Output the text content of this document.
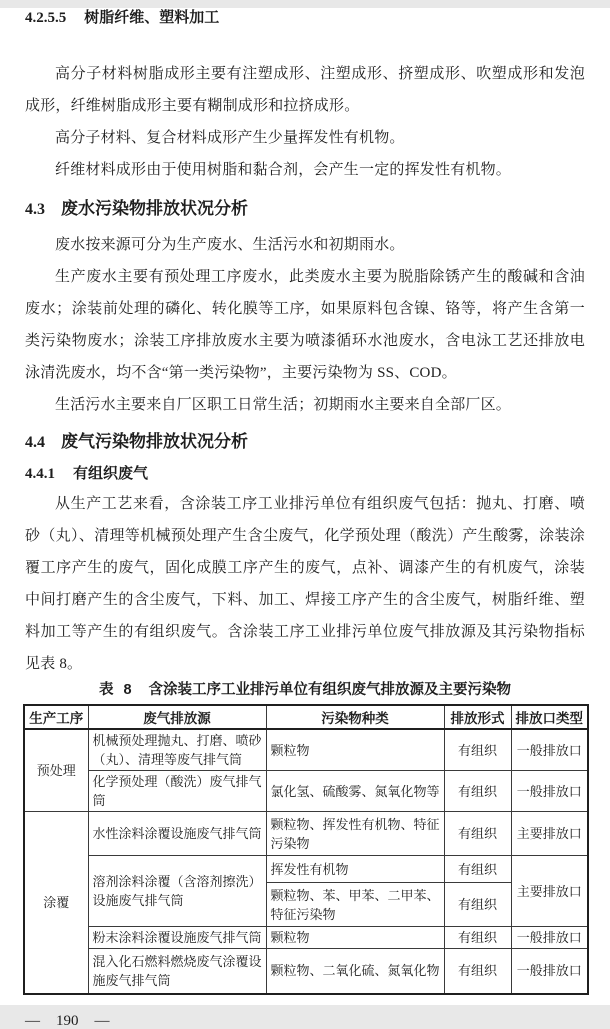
4.2.5.5 树脂纤维、塑料加工

高分子材料树脂成形主要有注塑成形、注塑成形、挤塑成形、吹塑成形和发泡成形，纤维树脂成形主要有糊制成形和拉挤成形。

高分子材料、复合材料成形产生少量挥发性有机物。

纤维材料成形由于使用树脂和黏合剂，会产生一定的挥发性有机物。

4.3 废水污染物排放状况分析

废水按来源可分为生产废水、生活污水和初期雨水。

生产废水主要有预处理工序废水，此类废水主要为脱脂除锈产生的酸碱和含油废水；涂装前处理的磷化、转化膜等工序，如果原料包含镍、铬等，将产生含第一类污染物废水；涂装工序排放废水主要为喷漆循环水池废水，含电泳工艺还排放电泳清洗废水，均不含“第一类污染物”，主要污染物为 SS、COD。

生活污水主要来自厂区职工日常生活；初期雨水主要来自全部厂区。

4.4 废气污染物排放状况分析
4.4.1 有组织废气

从生产工艺来看，含涂装工序工业排污单位有组织废气包括：抛丸、打磨、喷砂（丸）、清理等机械预处理产生含尘废气，化学预处理（酸洗）产生酸雾，涂装涂覆工序产生的废气，固化成膜工序产生的废气，点补、调漆产生的有机废气，涂装中间打磨产生的含尘废气，下料、加工、焊接工序产生的含尘废气，树脂纤维、塑料加工等产生的有组织废气。含涂装工序工业排污单位废气排放源及其污染物指标见表 8。

表 8 含涂装工序工业排污单位有组织废气排放源及主要污染物
生产工序	废气排放源	污染物种类	排放形式	排放口类型
预处理	机械预处理抛丸、打磨、喷砂（丸）、清理等废气排气筒	颗粒物	有组织	一般排放口
	化学预处理（酸洗）废气排气筒	氯化氢、硫酸雾、氮氧化物等	有组织	一般排放口
涂覆	水性涂料涂覆设施废气排气筒	颗粒物、挥发性有机物、特征污染物	有组织	主要排放口
	溶剂涂料涂覆（含溶剂擦洗）设施废气排气筒	挥发性有机物	有组织	主要排放口
		颗粒物、苯、甲苯、二甲苯、特征污染物	有组织	
	粉末涂料涂覆设施废气排气筒	颗粒物	有组织	一般排放口
	混入化石燃料燃烧废气涂覆设施废气排气筒	颗粒物、二氧化硫、氮氧化物	有组织	一般排放口
— 190 —
